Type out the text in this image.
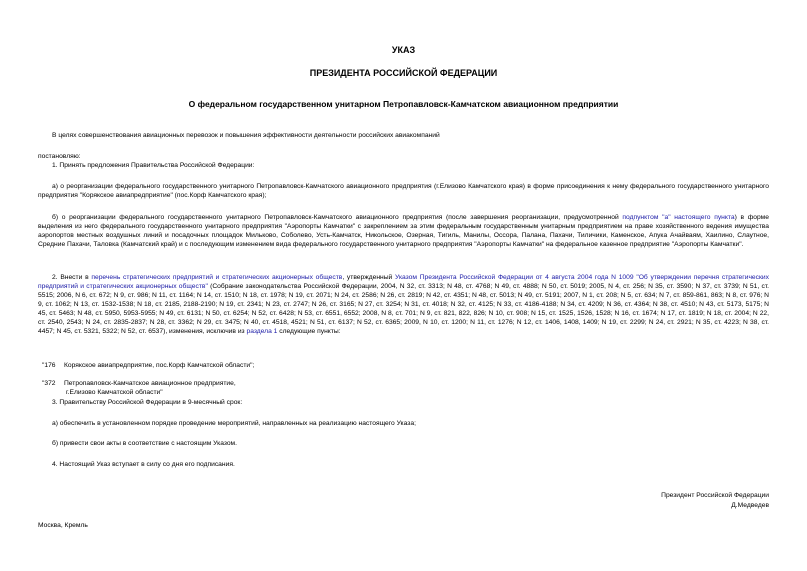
УКАЗ
ПРЕЗИДЕНТА РОССИЙСКОЙ ФЕДЕРАЦИИ
О федеральном государственном унитарном Петропавловск-Камчатском авиационном предприятии
В целях совершенствования авиационных перевозок и повышения эффективности деятельности российских авиакомпаний
постановляю:
1. Принять предложения Правительства Российской Федерации:
а) о реорганизации федерального государственного унитарного Петропавловск-Камчатского авиационного предприятия (г.Елизово Камчатского края) в форме присоединения к нему федерального государственного унитарного предприятия "Корякское авиапредприятие" (пос.Корф Камчатского края);
б) о реорганизации федерального государственного унитарного Петропавловск-Камчатского авиационного предприятия (после завершения реорганизации, предусмотренной подпунктом "а" настоящего пункта) в форме выделения из него федерального государственного унитарного предприятия "Аэропорты Камчатки" с закреплением за этим федеральным государственным унитарным предприятием на праве хозяйственного ведения имущества аэропортов местных воздушных линий и посадочных площадок Мильково, Соболево, Усть-Камчатск, Никольское, Озерная, Тигиль, Манилы, Оссора, Палана, Пахачи, Тиличики, Каменское, Апука Ачайваям, Хаилино, Слаутное, Средние Пахачи, Таловка (Камчатский край) и с последующим изменением вида федерального государственного унитарного предприятия "Аэропорты Камчатки" на федеральное казенное предприятие "Аэропорты Камчатки".
2. Внести в перечень стратегических предприятий и стратегических акционерных обществ, утвержденный Указом Президента Российской Федерации от 4 августа 2004 года N 1009 "Об утверждении перечня стратегических предприятий и стратегических акционерных обществ" (Собрание законодательства Российской Федерации, 2004, N 32, ст. 3313; N 48, ст. 4768; N 49, ст. 4888; N 50, ст. 5019; 2005, N 4, ст. 256; N 35, ст. 3590; N 37, ст. 3739; N 51, ст. 5515; 2006, N 6, ст. 672; N 9, ст. 986; N 11, ст. 1164; N 14, ст. 1510; N 18, ст. 1978; N 19, ст. 2071; N 24, ст. 2586; N 26, ст. 2819; N 42, ст. 4351; N 48, ст. 5013; N 49, ст. 5191; 2007, N 1, ст. 208; N 5, ст. 634; N 7, ст. 859-861, 863; N 8, ст. 976; N 9, ст. 1062; N 13, ст. 1532-1538; N 18, ст. 2185, 2188-2190; N 19, ст. 2341; N 23, ст. 2747; N 26, ст. 3165; N 27, ст. 3254; N 31, ст. 4018; N 32, ст. 4125; N 33, ст. 4186-4188; N 34, ст. 4209; N 36, ст. 4364; N 38, ст. 4510; N 43, ст. 5173, 5175; N 45, ст. 5463; N 48, ст. 5950, 5953-5955; N 49, ст. 6131; N 50, ст. 6254; N 52, ст. 6428; N 53, ст. 6551, 6552; 2008, N 8, ст. 701; N 9, ст. 821, 822, 826; N 10, ст. 908; N 15, ст. 1525, 1526, 1528; N 16, ст. 1674; N 17, ст. 1819; N 18, ст. 2004; N 22, ст. 2540, 2543; N 24, ст. 2835-2837; N 28, ст. 3362; N 29, ст. 3475; N 40, ст. 4518, 4521; N 51, ст. 6137; N 52, ст. 6365; 2009, N 10, ст. 1200; N 11, ст. 1276; N 12, ст. 1406, 1408, 1409; N 19, ст. 2299; N 24, ст. 2921; N 35, ст. 4223; N 38, ст. 4457; N 45, ст. 5321, 5322; N 52, ст. 6537), изменения, исключив из раздела 1 следующие пункты:
"176 Корякское авиапредприятие, пос.Корф Камчатской области";
"372 Петропавловск-Камчатское авиационное предприятие,
г.Елизово Камчатской области"
3. Правительству Российской Федерации в 9-месячный срок:
а) обеспечить в установленном порядке проведение мероприятий, направленных на реализацию настоящего Указа;
б) привести свои акты в соответствие с настоящим Указом.
4. Настоящий Указ вступает в силу со дня его подписания.
Президент Российской Федерации
Д.Медведев
Москва, Кремль
